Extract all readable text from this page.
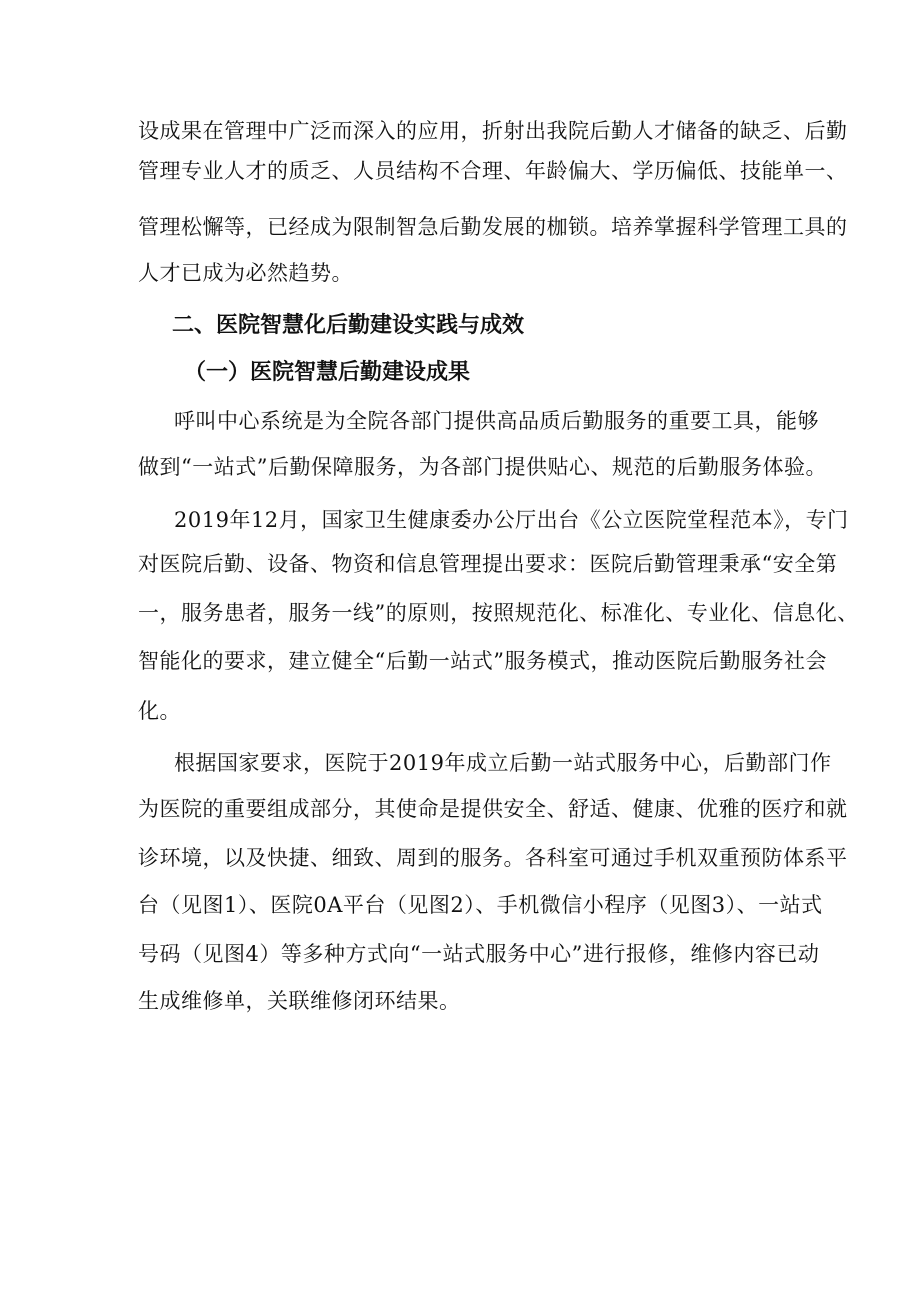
设成果在管理中广泛而深入的应用，折射出我院后勤人才储备的缺乏、后勤
管理专业人才的质乏、人员结构不合理、年龄偏大、学历偏低、技能单一、
管理松懈等，已经成为限制智急后勤发展的枷锁。培养掌握科学管理工具的
人才已成为必然趋势。
二、医院智慧化后勤建设实践与成效
（一）医院智慧后勤建设成果
呼叫中心系统是为全院各部门提供高品质后勤服务的重要工具，能够
做到“一站式”后勤保障服务，为各部门提供贴心、规范的后勤服务体验。
2019年12月，国家卫生健康委办公厅出台《公立医院堂程范本》，专门
对医院后勤、设备、物资和信息管理提出要求：医院后勤管理秉承“安全第
一，服务患者，服务一线”的原则，按照规范化、标准化、专业化、信息化、
智能化的要求，建立健全“后勤一站式”服务模式，推动医院后勤服务社会
化。
根据国家要求，医院于2019年成立后勤一站式服务中心，后勤部门作
为医院的重要组成部分，其使命是提供安全、舒适、健康、优雅的医疗和就
诊环境，以及快捷、细致、周到的服务。各科室可通过手机双重预防体系平
台（见图1）、医院0A平台（见图2）、手机微信小程序（见图3）、一站式
号码（见图4）等多种方式向“一站式服务中心”进行报修，维修内容已动
生成维修单，关联维修闭环结果。
